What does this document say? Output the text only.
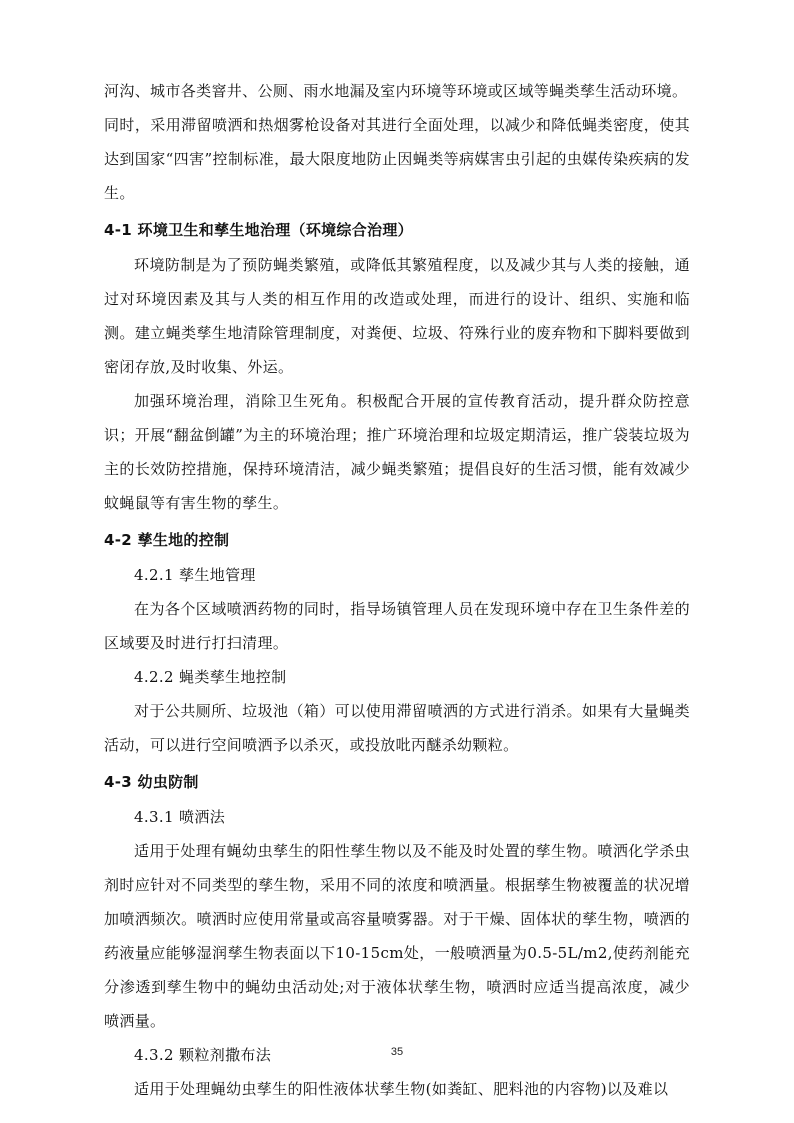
河沟、城市各类窨井、公厕、雨水地漏及室内环境等环境或区域等蝇类孳生活动环境。

同时，采用滞留喷洒和热烟雾枪设备对其进行全面处理，以减少和降低蝇类密度，使其达到国家“四害”控制标准，最大限度地防止因蝇类等病媒害虫引起的虫媒传染疾病的发生。

4-1 环境卫生和孳生地治理（环境综合治理）

环境防制是为了预防蝇类繁殖，或降低其繁殖程度，以及减少其与人类的接触，通过对环境因素及其与人类的相互作用的改造或处理，而进行的设计、组织、实施和临测。建立蝇类孳生地清除管理制度，对粪便、垃圾、符殊行业的废弃物和下脚料要做到密闭存放,及时收集、外运。

加强环境治理，消除卫生死角。积极配合开展的宣传教育活动，提升群众防控意识；开展“翻盆倒罐”为主的环境治理；推广环境治理和垃圾定期清运，推广袋装垃圾为主的长效防控措施，保持环境清洁，减少蝇类繁殖；提倡良好的生活习惯，能有效减少蚊蝇鼠等有害生物的孳生。

4-2 孳生地的控制

4.2.1 孳生地管理

在为各个区域喷洒药物的同时，指导场镇管理人员在发现环境中存在卫生条件差的区域要及时进行打扫清理。

4.2.2 蝇类孳生地控制

对于公共厕所、垃圾池（箱）可以使用滞留喷洒的方式进行消杀。如果有大量蝇类活动，可以进行空间喷洒予以杀灭，或投放吡丙醚杀幼颗粒。

4-3 幼虫防制

4.3.1 喷洒法

适用于处理有蝇幼虫孳生的阳性孳生物以及不能及时处置的孳生物。喷洒化学杀虫剂时应针对不同类型的孳生物，采用不同的浓度和喷洒量。根据孳生物被覆盖的状况增加喷洒频次。喷洒时应使用常量或高容量喷雾器。对于干燥、固体状的孳生物，喷洒的药液量应能够湿润孳生物表面以下10-15cm处，一般喷洒量为0.5-5L/m2,使药剂能充分渗透到孳生物中的蝇幼虫活动处;对于液体状孳生物，喷洒时应适当提高浓度，减少喷洒量。

4.3.2 颗粒剂撒布法

适用于处理蝇幼虫孳生的阳性液体状孳生物(如粪缸、肥料池的内容物)以及难以

35
